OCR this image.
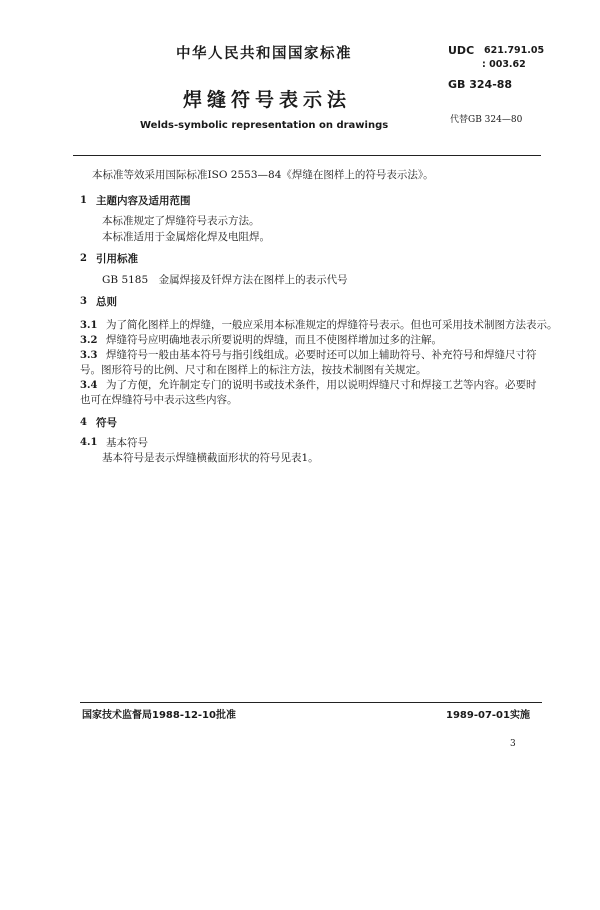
中华人民共和国国家标准
焊缝符号表示法
Welds-symbolic representation on drawings
UDC 621.791.05
: 003.62
GB 324-88
代替GB 324—80
本标准等效采用国际标准ISO 2553—84《焊缝在图样上的符号表示法》。
1 主题内容及适用范围
本标准规定了焊缝符号表示方法。
本标准适用于金属熔化焊及电阻焊。
2 引用标准
GB 5185　金属焊接及钎焊方法在图样上的表示代号
3 总则
3.1 为了简化图样上的焊缝，一般应采用本标准规定的焊缝符号表示。但也可采用技术制图方法表示。
3.2 焊缝符号应明确地表示所要说明的焊缝，而且不使图样增加过多的注解。
3.3 焊缝符号一般由基本符号与指引线组成。必要时还可以加上辅助符号、补充符号和焊缝尺寸符
号。图形符号的比例、尺寸和在图样上的标注方法，按技术制图有关规定。
3.4 为了方便，允许制定专门的说明书或技术条件，用以说明焊缝尺寸和焊接工艺等内容。必要时
也可在焊缝符号中表示这些内容。
4 符号
4.1 基本符号
基本符号是表示焊缝横截面形状的符号见表1。
国家技术监督局1988-12-10批准	1989-07-01实施
3
